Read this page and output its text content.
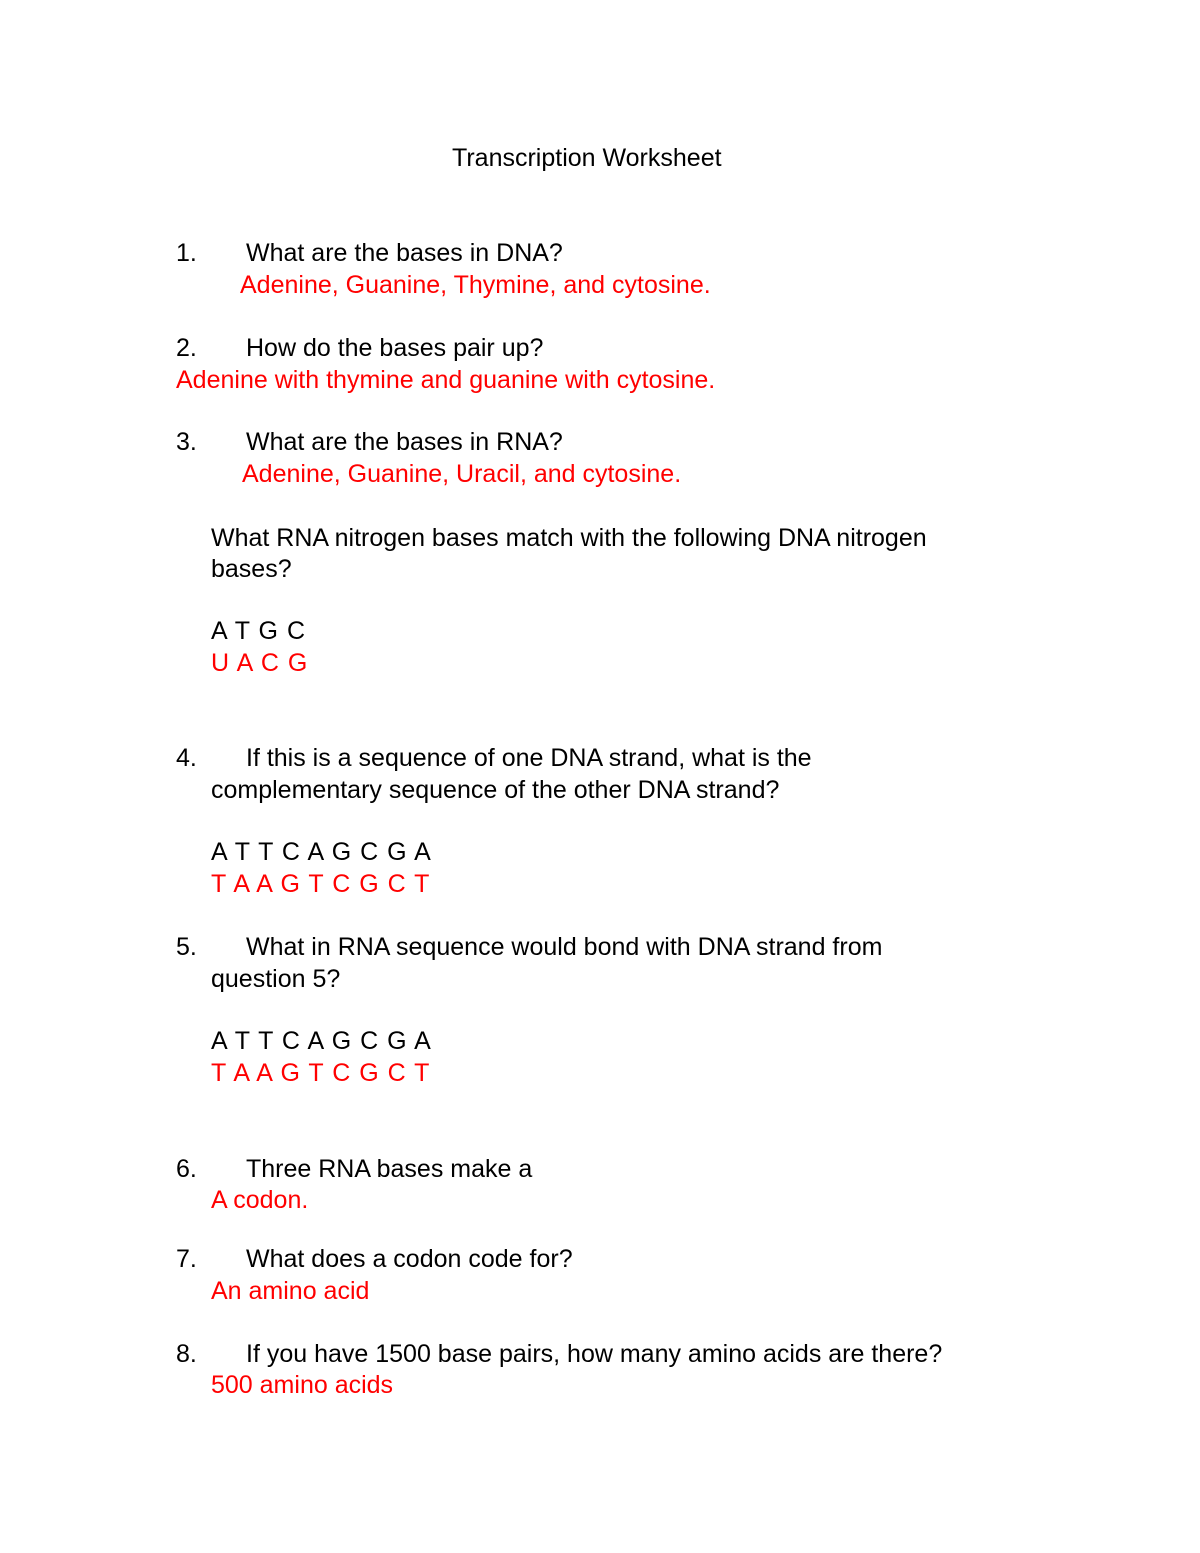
Transcription Worksheet
1. What are the bases in DNA?
Adenine, Guanine, Thymine, and cytosine.
2. How do the bases pair up?
Adenine with thymine and guanine with cytosine.
3. What are the bases in RNA?
Adenine, Guanine, Uracil, and cytosine.
What RNA nitrogen bases match with the following DNA nitrogen
bases?
A T G C
U A C G
4. If this is a sequence of one DNA strand, what is the
complementary sequence of the other DNA strand?
A T T C A G C G A
T A A G T C G C T
5. What in RNA sequence would bond with DNA strand from
question 5?
A T T C A G C G A
T A A G T C G C T
6. Three RNA bases make a
A codon.
7. What does a codon code for?
An amino acid
8. If you have 1500 base pairs, how many amino acids are there?
500 amino acids
